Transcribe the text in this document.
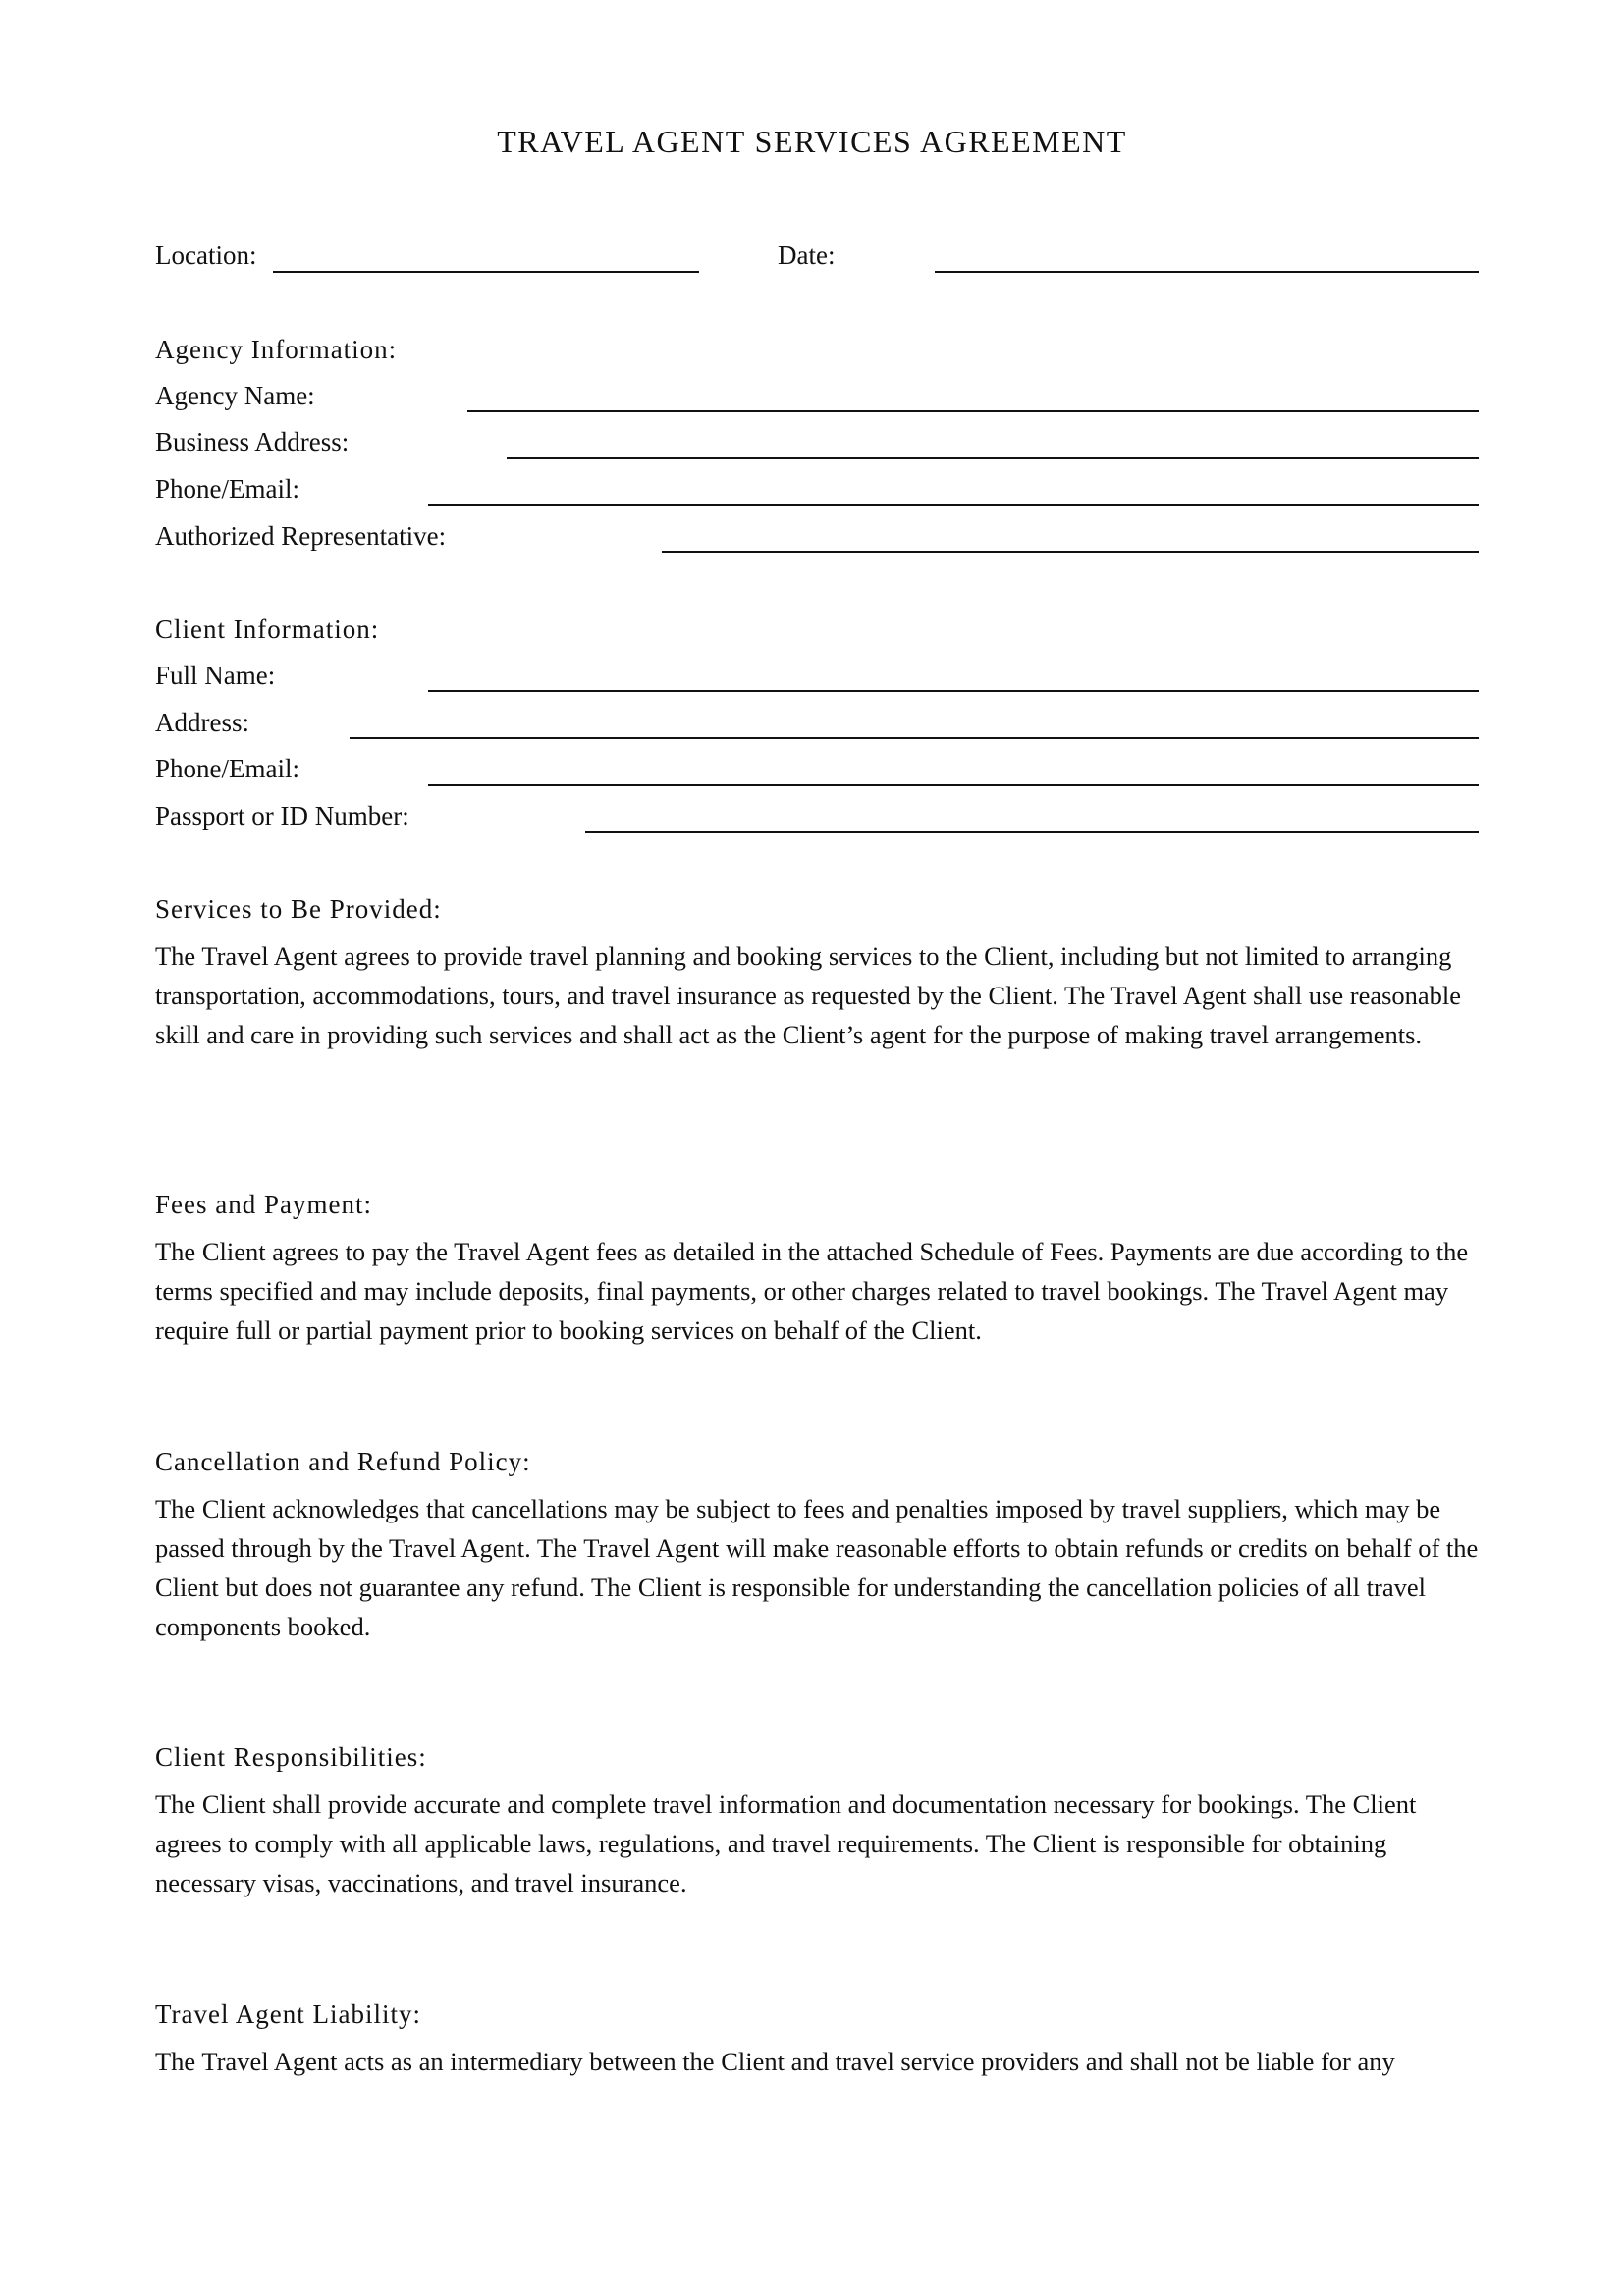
TRAVEL AGENT SERVICES AGREEMENT
Location:	Date:
Agency Information:
Agency Name:
Business Address:
Phone/Email:
Authorized Representative:
Client Information:
Full Name:
Address:
Phone/Email:
Passport or ID Number:
Services to Be Provided:

The Travel Agent agrees to provide travel planning and booking services to the Client, including but not limited to arranging transportation, accommodations, tours, and travel insurance as requested by the Client. The Travel Agent shall use reasonable skill and care in providing such services and shall act as the Client’s agent for the purpose of making travel arrangements.

Fees and Payment:

The Client agrees to pay the Travel Agent fees as detailed in the attached Schedule of Fees. Payments are due according to the terms specified and may include deposits, final payments, or other charges related to travel bookings. The Travel Agent may require full or partial payment prior to booking services on behalf of the Client.

Cancellation and Refund Policy:

The Client acknowledges that cancellations may be subject to fees and penalties imposed by travel suppliers, which may be passed through by the Travel Agent. The Travel Agent will make reasonable efforts to obtain refunds or credits on behalf of the Client but does not guarantee any refund. The Client is responsible for understanding the cancellation policies of all travel components booked.

Client Responsibilities:

The Client shall provide accurate and complete travel information and documentation necessary for bookings. The Client agrees to comply with all applicable laws, regulations, and travel requirements. The Client is responsible for obtaining necessary visas, vaccinations, and travel insurance.

Travel Agent Liability:

The Travel Agent acts as an intermediary between the Client and travel service providers and shall not be liable for any
